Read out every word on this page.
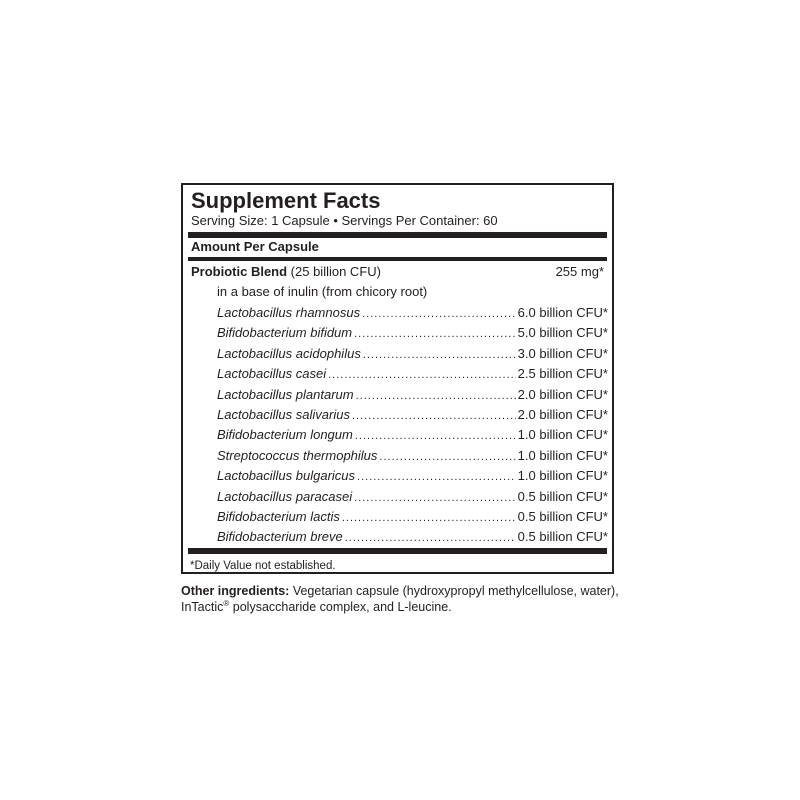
Supplement Facts
Serving Size: 1 Capsule • Servings Per Container: 60
Amount Per Capsule
Probiotic Blend (25 billion CFU)	255 mg*
in a base of inulin (from chicory root)
Lactobacillus rhamnosus .....	6.0 billion CFU*
Bifidobacterium bifidum .....	5.0 billion CFU*
Lactobacillus acidophilus .....	3.0 billion CFU*
Lactobacillus casei .....	2.5 billion CFU*
Lactobacillus plantarum .....	2.0 billion CFU*
Lactobacillus salivarius .....	2.0 billion CFU*
Bifidobacterium longum .....	1.0 billion CFU*
Streptococcus thermophilus .....	1.0 billion CFU*
Lactobacillus bulgaricus .....	1.0 billion CFU*
Lactobacillus paracasei .....	0.5 billion CFU*
Bifidobacterium lactis .....	0.5 billion CFU*
Bifidobacterium breve .....	0.5 billion CFU*
*Daily Value not established.
Other ingredients: Vegetarian capsule (hydroxypropyl methylcellulose, water), InTactic® polysaccharide complex, and L-leucine.
